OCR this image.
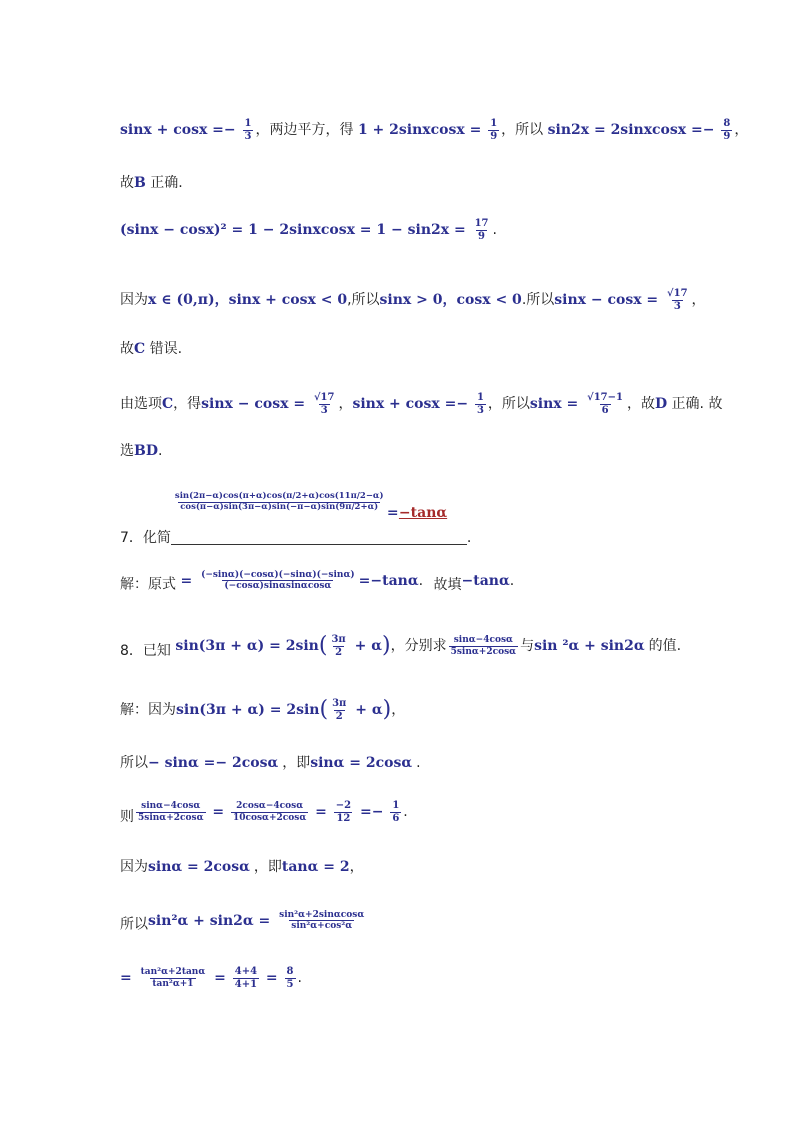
$\sin x + \cos x =- \frac{1}{3}$ ，两边平方，得 1 + 2sinxcosx = $\frac{1}{9}$ ，所以 sin2x = 2sinxcosx =− $\frac{8}{9}$ ，
故B 正确.
(sinx − cosx)² = 1 − 2sinxcosx = $1 - \sin 2x = \frac{17}{9}$ .
因为x ∈ (0,π)，sinx + cosx < 0,所以sinx > 0，cosx < 0.所以$\sin x - \cos x = \frac{√17}{3}$ ，
故C 错误.
由选项C，得$\sin x - \cos x = \frac{√17}{3}$ ，$\sin x + \cos x =- \frac{1}{3}$ ，所以$\sin x = \frac{√17-1}{6}$ ，故D 正确. 故
选BD.
7．化简
$\frac{\sin(2\pi-\alpha)\cos(\pi+\alpha)\cos(\pi/2+\alpha)\cos(11\pi/2-\alpha)}{\cos(\pi-\alpha)\sin(3\pi-\alpha)\sin(-\pi-\alpha)\sin(9\pi/2+\alpha)}$
= −tanα
.
解：原式 = $\frac{(-\sin\alpha)(-\cos\alpha)(-\sin\alpha)(-\sin\alpha)}{(-\cos\alpha)\sin\alpha\sin\alpha\cos\alpha} =-\tan\alpha$. 故填−tanα.
8．已知 $\sin(3\pi + \alpha) = 2\sin( \frac{3\pi}{2} + \alpha)$，分别求 $\frac{\sin\alpha-4\cos\alpha}{5\sin\alpha+2\cos\alpha}$ 与sin ²α + sin2α 的值.
解：因为$\sin(3\pi + \alpha) = 2\sin( \frac{3\pi}{2} + \alpha)$，
所以− sinα =− 2cosα ，即sinα = 2cosα .
则 $\frac{\sin\alpha-4\cos\alpha}{5\sin\alpha+2\cos\alpha} = \frac{2\cos\alpha-4\cos\alpha}{10\cos\alpha+2\cos\alpha} = \frac{-2}{12} =- \frac{1}{6}$ .
因为sinα = 2cosα ，即tanα = 2，
所以$\sin^2\alpha + \sin 2\alpha = \frac{\text{sin²α+2sinαcosα}}{\text{sin²α+cos²α}}$
= $\frac{\text{tan²α+2tanα}}{\text{tan²α+1}} = \frac{4+4}{4+1} = \frac{8}{5}$ .
